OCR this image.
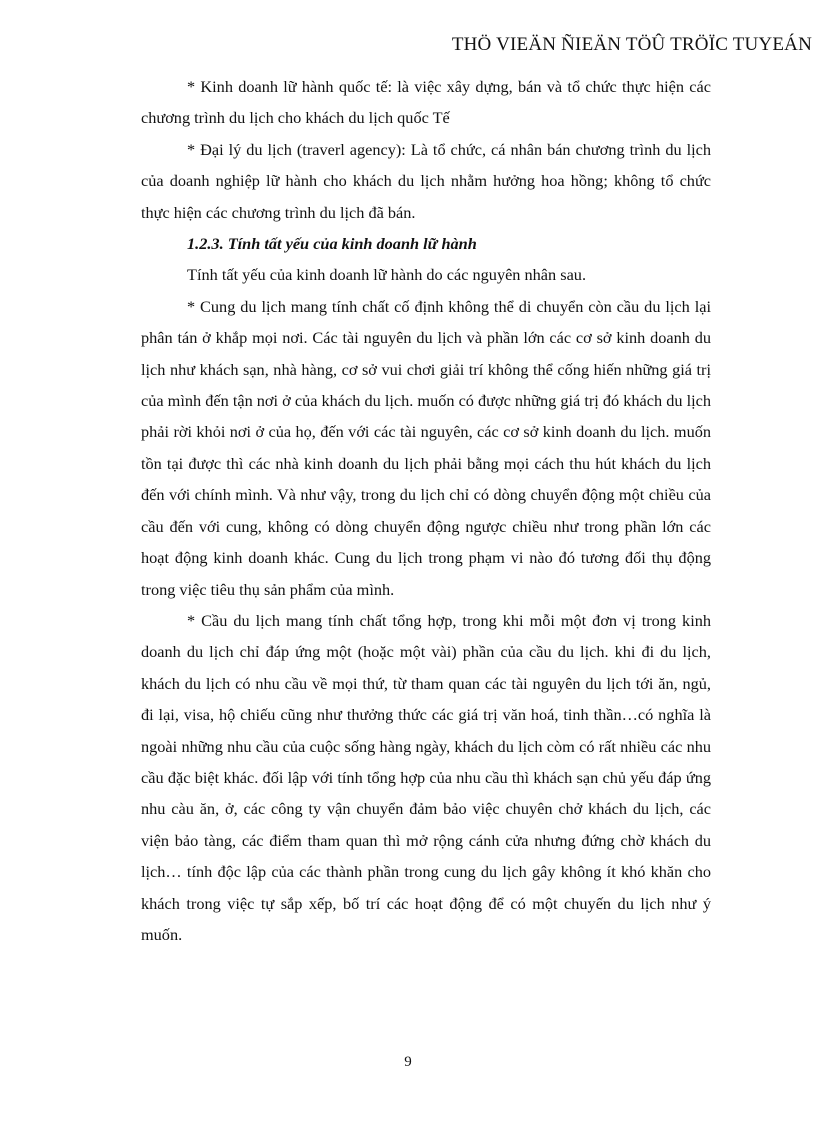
THÖ VIEÄN ÑIEÄN TÖÛ TRÖÏC TUYEÁN

* Kinh doanh lữ hành quốc tế: là việc xây dựng, bán và tổ chức thực hiện các chương trình du lịch cho khách du lịch quốc Tế

* Đại lý du lịch (traverl agency): Là tổ chức, cá nhân bán chương trình du lịch của doanh nghiệp lữ hành cho khách du lịch nhằm hưởng hoa hồng; không tổ chức thực hiện các chương trình du lịch đã bán.

1.2.3. Tính tất yếu của kinh doanh lữ hành

Tính tất yếu của kinh doanh lữ hành do các nguyên nhân sau.

* Cung du lịch mang tính chất cố định không thể di chuyển còn cầu du lịch lại phân tán ở khắp mọi nơi. Các tài nguyên du lịch và phần lớn các cơ sở kinh doanh du lịch như khách sạn, nhà hàng, cơ sở vui chơi giải trí không thể cống hiến những giá trị của mình đến tận nơi ở của khách du lịch. muốn có được những giá trị đó khách du lịch phải rời khỏi nơi ở của họ, đến với các tài nguyên, các cơ sở kinh doanh du lịch. muốn tồn tại được thì các nhà kinh doanh du lịch phải bằng mọi cách thu hút khách du lịch đến với chính mình. Và như vậy, trong du lịch chỉ có dòng chuyển động một chiều của cầu đến với cung, không có dòng chuyển động ngược chiều như trong phần lớn các hoạt động kinh doanh khác. Cung du lịch trong phạm vi nào đó tương đối thụ động trong việc tiêu thụ sản phẩm của mình.

* Cầu du lịch mang tính chất tổng hợp, trong khi mỗi một đơn vị trong kinh doanh du lịch chỉ đáp ứng một (hoặc một vài) phần của cầu du lịch. khi đi du lịch, khách du lịch có nhu cầu về mọi thứ, từ tham quan các tài nguyên du lịch tới ăn, ngủ, đi lại, visa, hộ chiếu cũng như thưởng thức các giá trị văn hoá, tinh thần…có nghĩa là ngoài những nhu cầu của cuộc sống hàng ngày, khách du lịch còm có rất nhiều các nhu cầu đặc biệt khác. đối lập với tính tổng hợp của nhu cầu thì khách sạn chủ yếu đáp ứng nhu càu ăn, ở, các công ty vận chuyển đảm bảo việc chuyên chở khách du lịch, các viện bảo tàng, các điểm tham quan thì mở rộng cánh cửa nhưng đứng chờ khách du lịch… tính độc lập của các thành phần trong cung du lịch gây không ít khó khăn cho khách trong việc tự sắp xếp, bố trí các hoạt động để có một chuyến du lịch như ý muốn.

9
